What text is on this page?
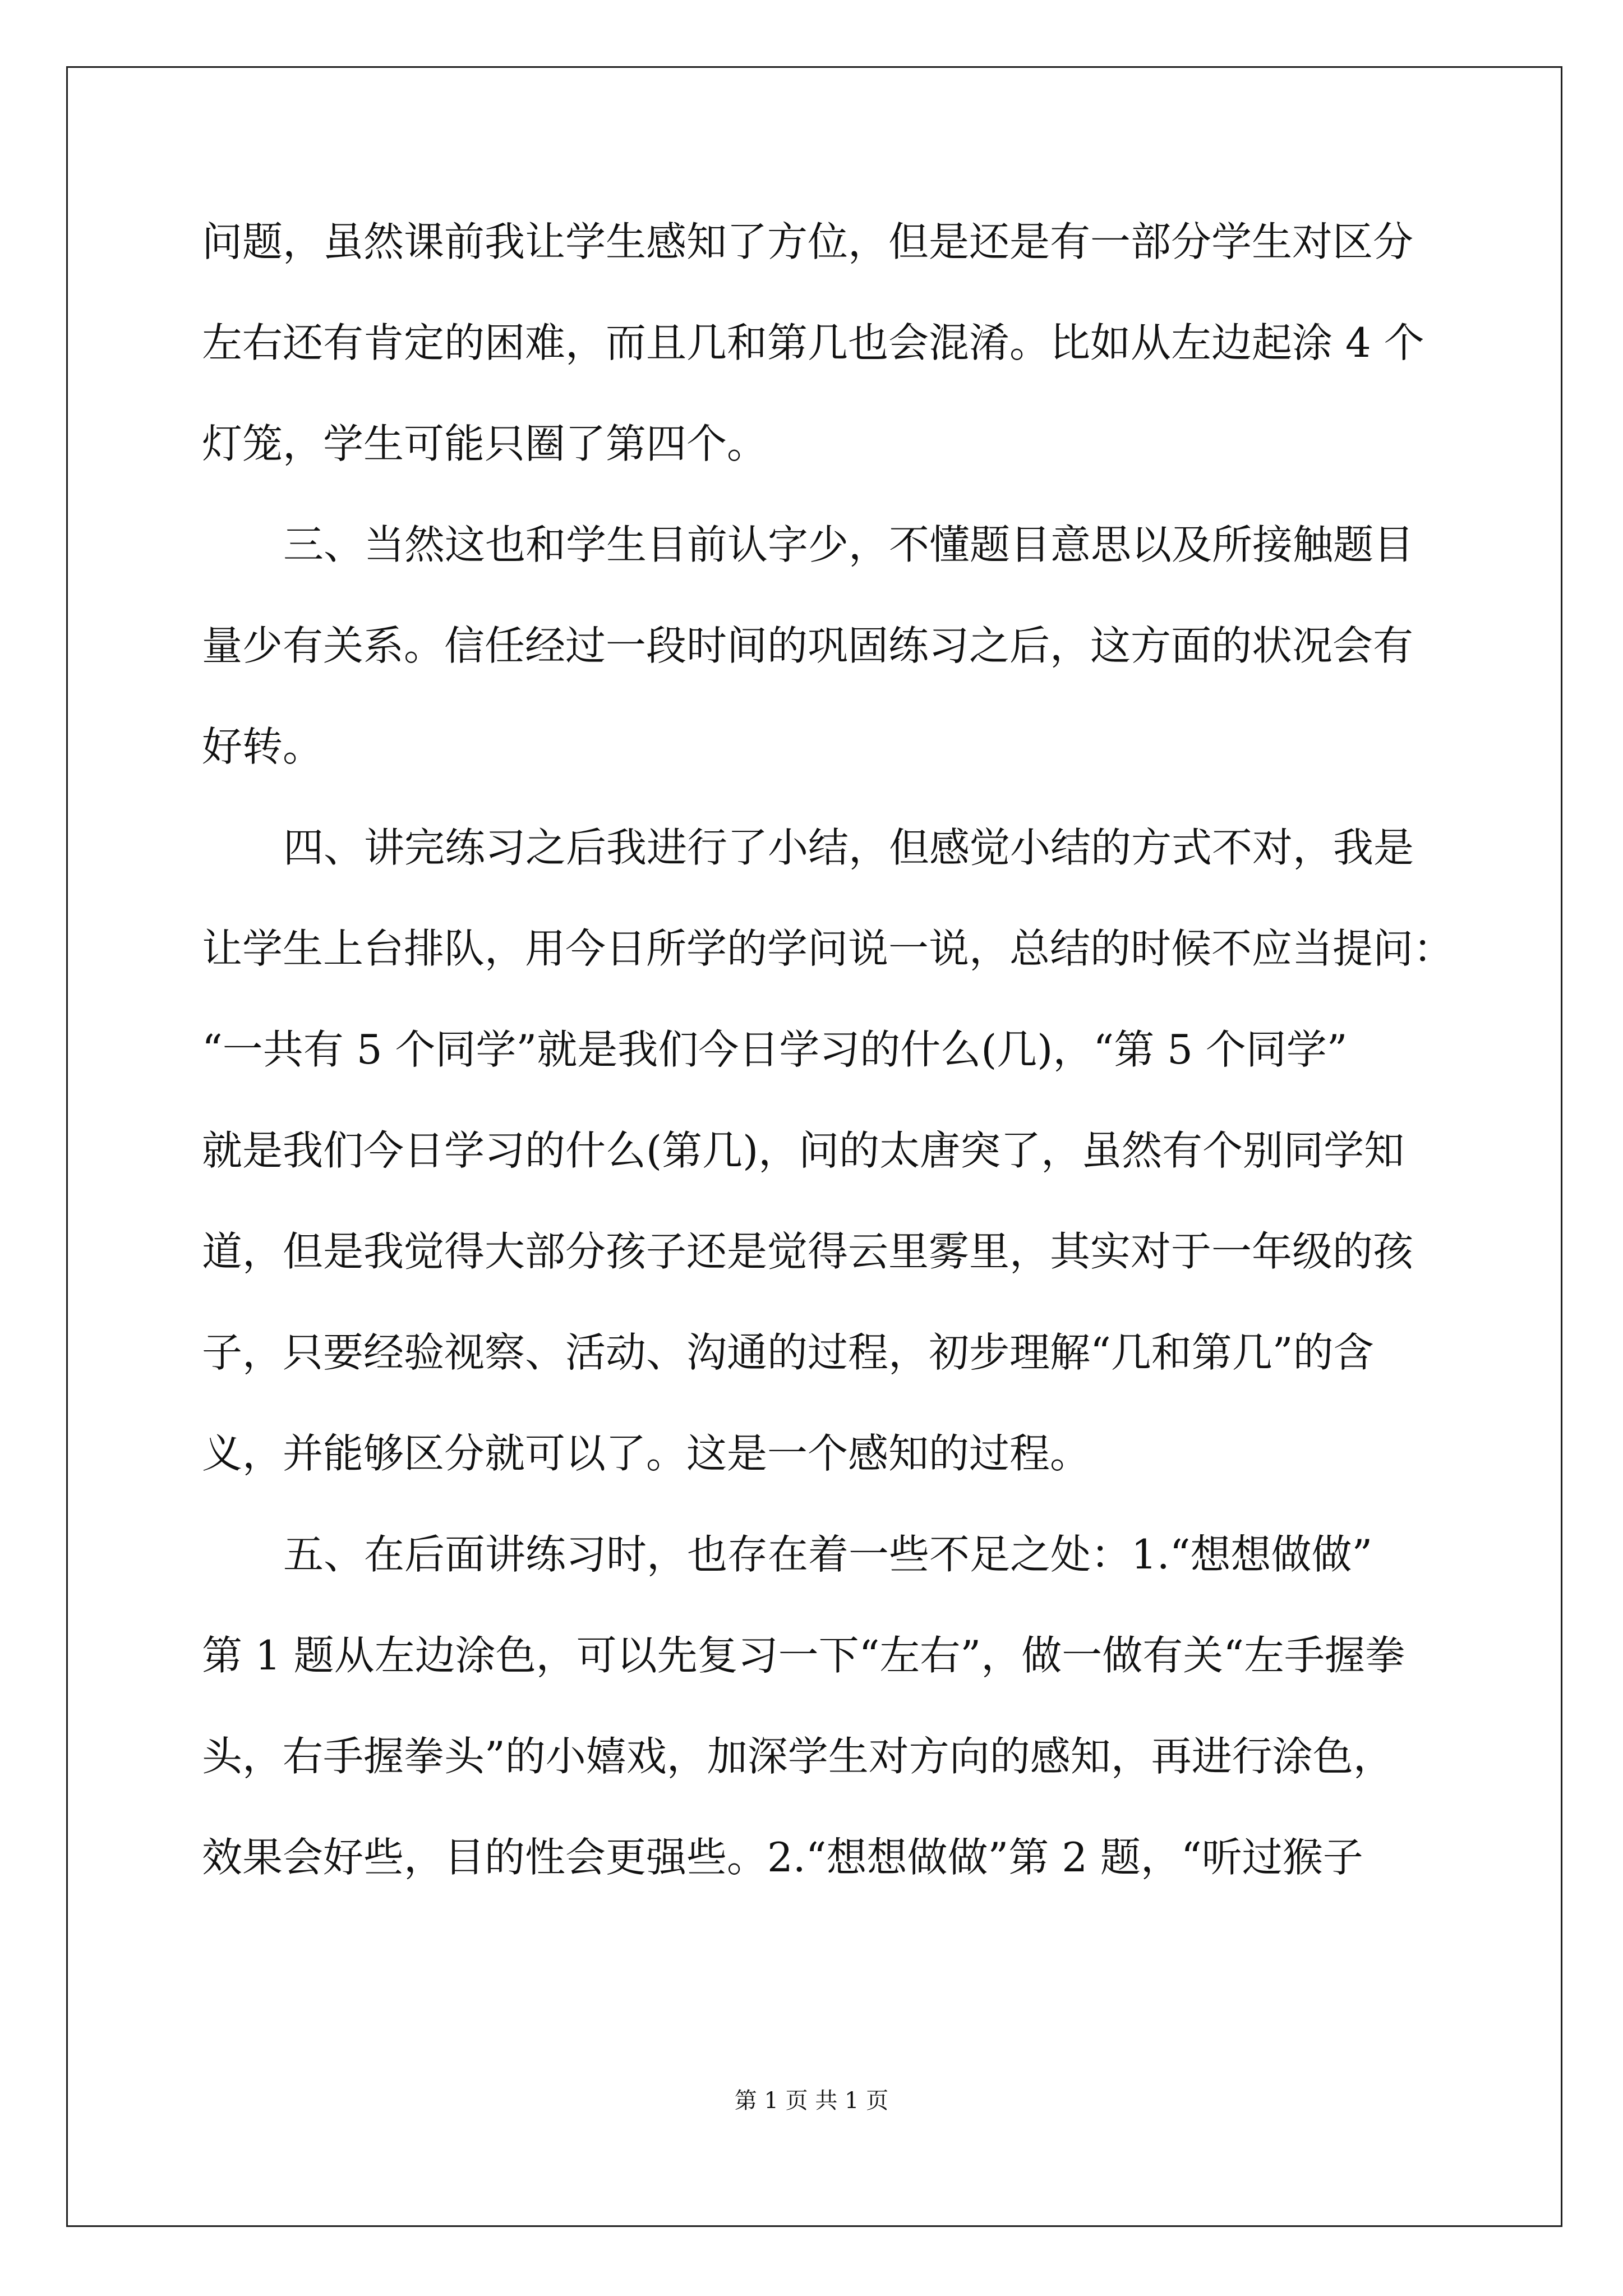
问题，虽然课前我让学生感知了方位，但是还是有一部分学生对区分
左右还有肯定的困难，而且几和第几也会混淆。比如从左边起涂 4 个
灯笼，学生可能只圈了第四个。
三、当然这也和学生目前认字少，不懂题目意思以及所接触题目
量少有关系。信任经过一段时间的巩固练习之后，这方面的状况会有
好转。
四、讲完练习之后我进行了小结，但感觉小结的方式不对，我是
让学生上台排队，用今日所学的学问说一说，总结的时候不应当提问：
“一共有 5 个同学”就是我们今日学习的什么(几)，“第 5 个同学”
就是我们今日学习的什么(第几)，问的太唐突了，虽然有个别同学知
道，但是我觉得大部分孩子还是觉得云里雾里，其实对于一年级的孩
子，只要经验视察、活动、沟通的过程，初步理解“几和第几”的含
义，并能够区分就可以了。这是一个感知的过程。
五、在后面讲练习时，也存在着一些不足之处：1.“想想做做”
第 1 题从左边涂色，可以先复习一下“左右”，做一做有关“左手握拳
头，右手握拳头”的小嬉戏，加深学生对方向的感知，再进行涂色，
效果会好些，目的性会更强些。2.“想想做做”第 2 题，“听过猴子
第 1 页 共 1 页
